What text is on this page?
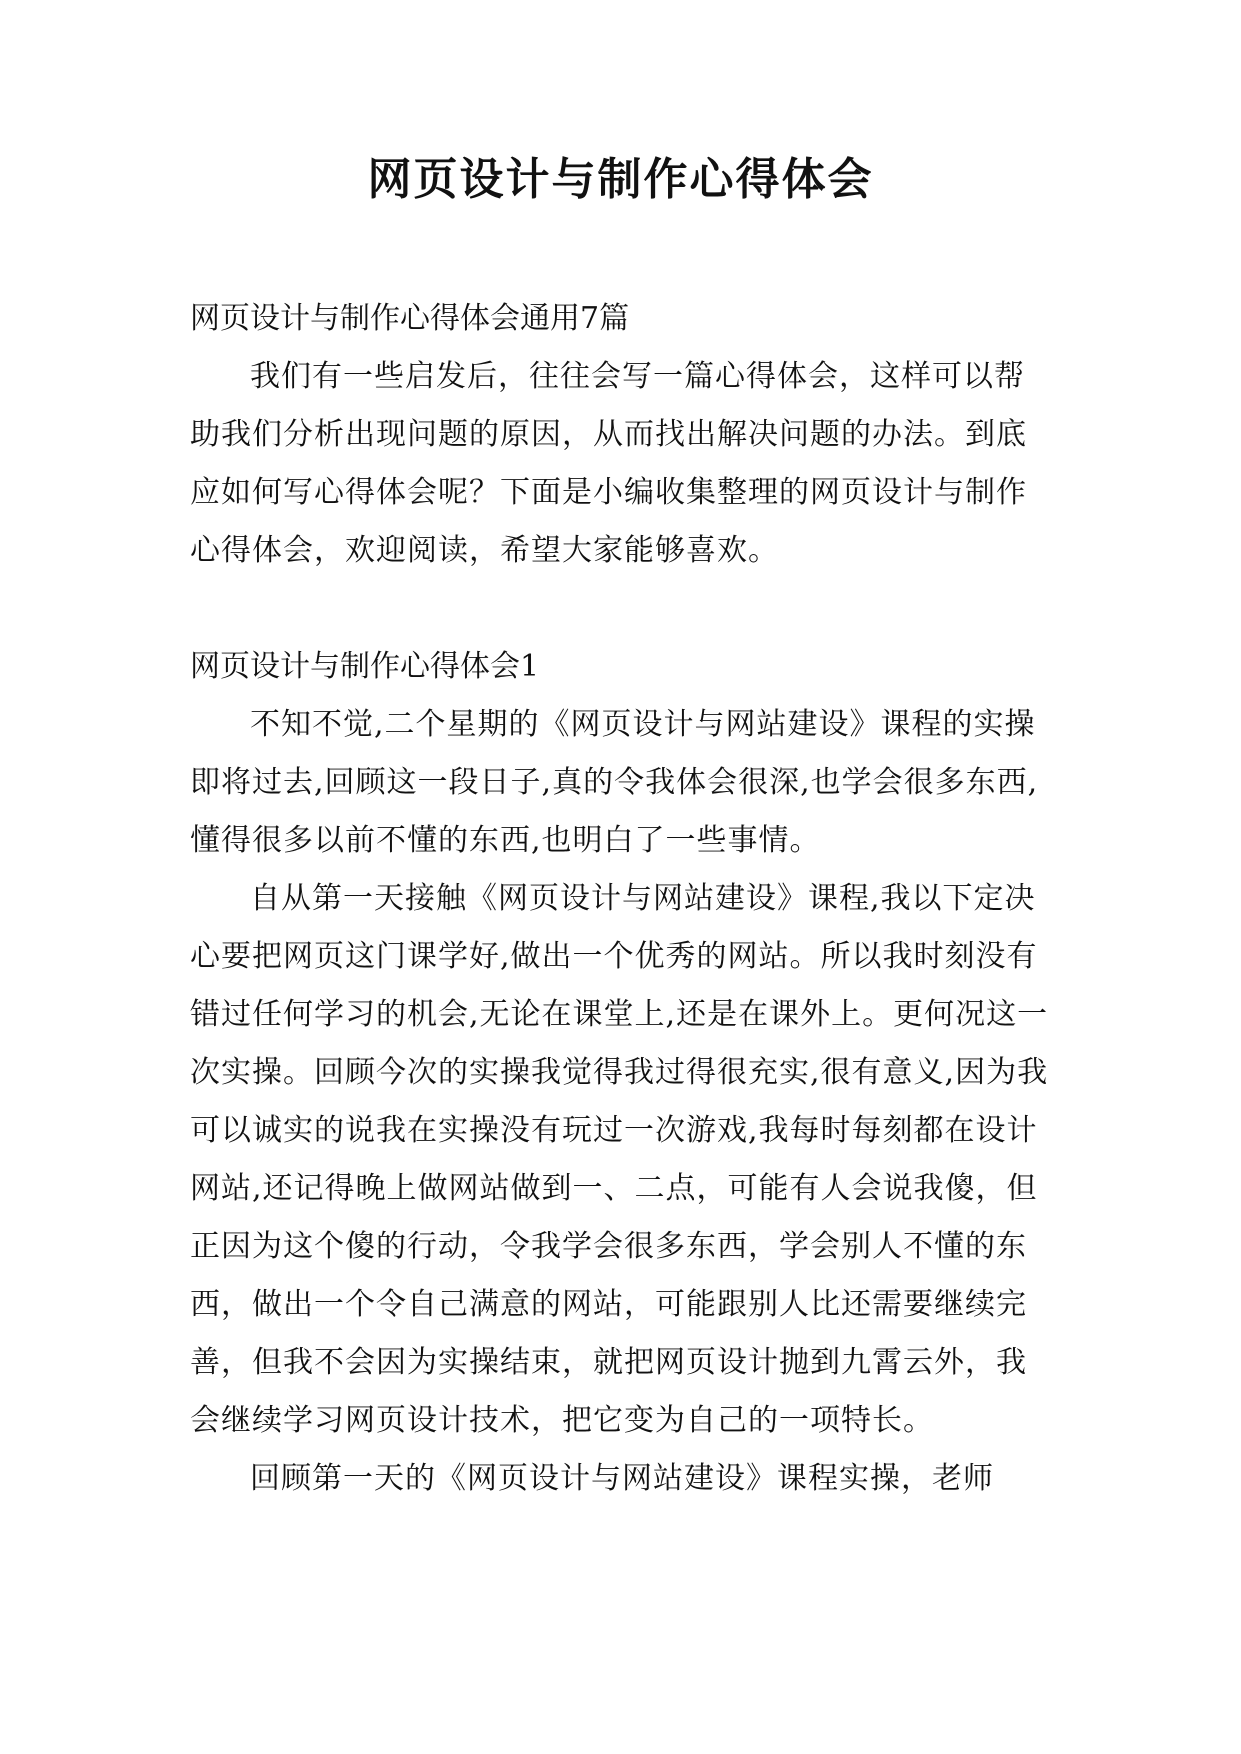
网页设计与制作心得体会

网页设计与制作心得体会通用7篇

我们有一些启发后，往往会写一篇心得体会，这样可以帮助我们分析出现问题的原因，从而找出解决问题的办法。到底应如何写心得体会呢？下面是小编收集整理的网页设计与制作心得体会，欢迎阅读，希望大家能够喜欢。

网页设计与制作心得体会1

不知不觉,二个星期的《网页设计与网站建设》课程的实操即将过去,回顾这一段日子,真的令我体会很深,也学会很多东西,懂得很多以前不懂的东西,也明白了一些事情。

自从第一天接触《网页设计与网站建设》课程,我以下定决心要把网页这门课学好,做出一个优秀的网站。所以我时刻没有错过任何学习的机会,无论在课堂上,还是在课外上。更何况这一次实操。回顾今次的实操我觉得我过得很充实,很有意义,因为我可以诚实的说我在实操没有玩过一次游戏,我每时每刻都在设计网站,还记得晚上做网站做到一、二点，可能有人会说我傻，但正因为这个傻的行动，令我学会很多东西，学会别人不懂的东西，做出一个令自己满意的网站，可能跟别人比还需要继续完善，但我不会因为实操结束，就把网页设计抛到九霄云外，我会继续学习网页设计技术，把它变为自己的一项特长。

回顾第一天的《网页设计与网站建设》课程实操，老师
